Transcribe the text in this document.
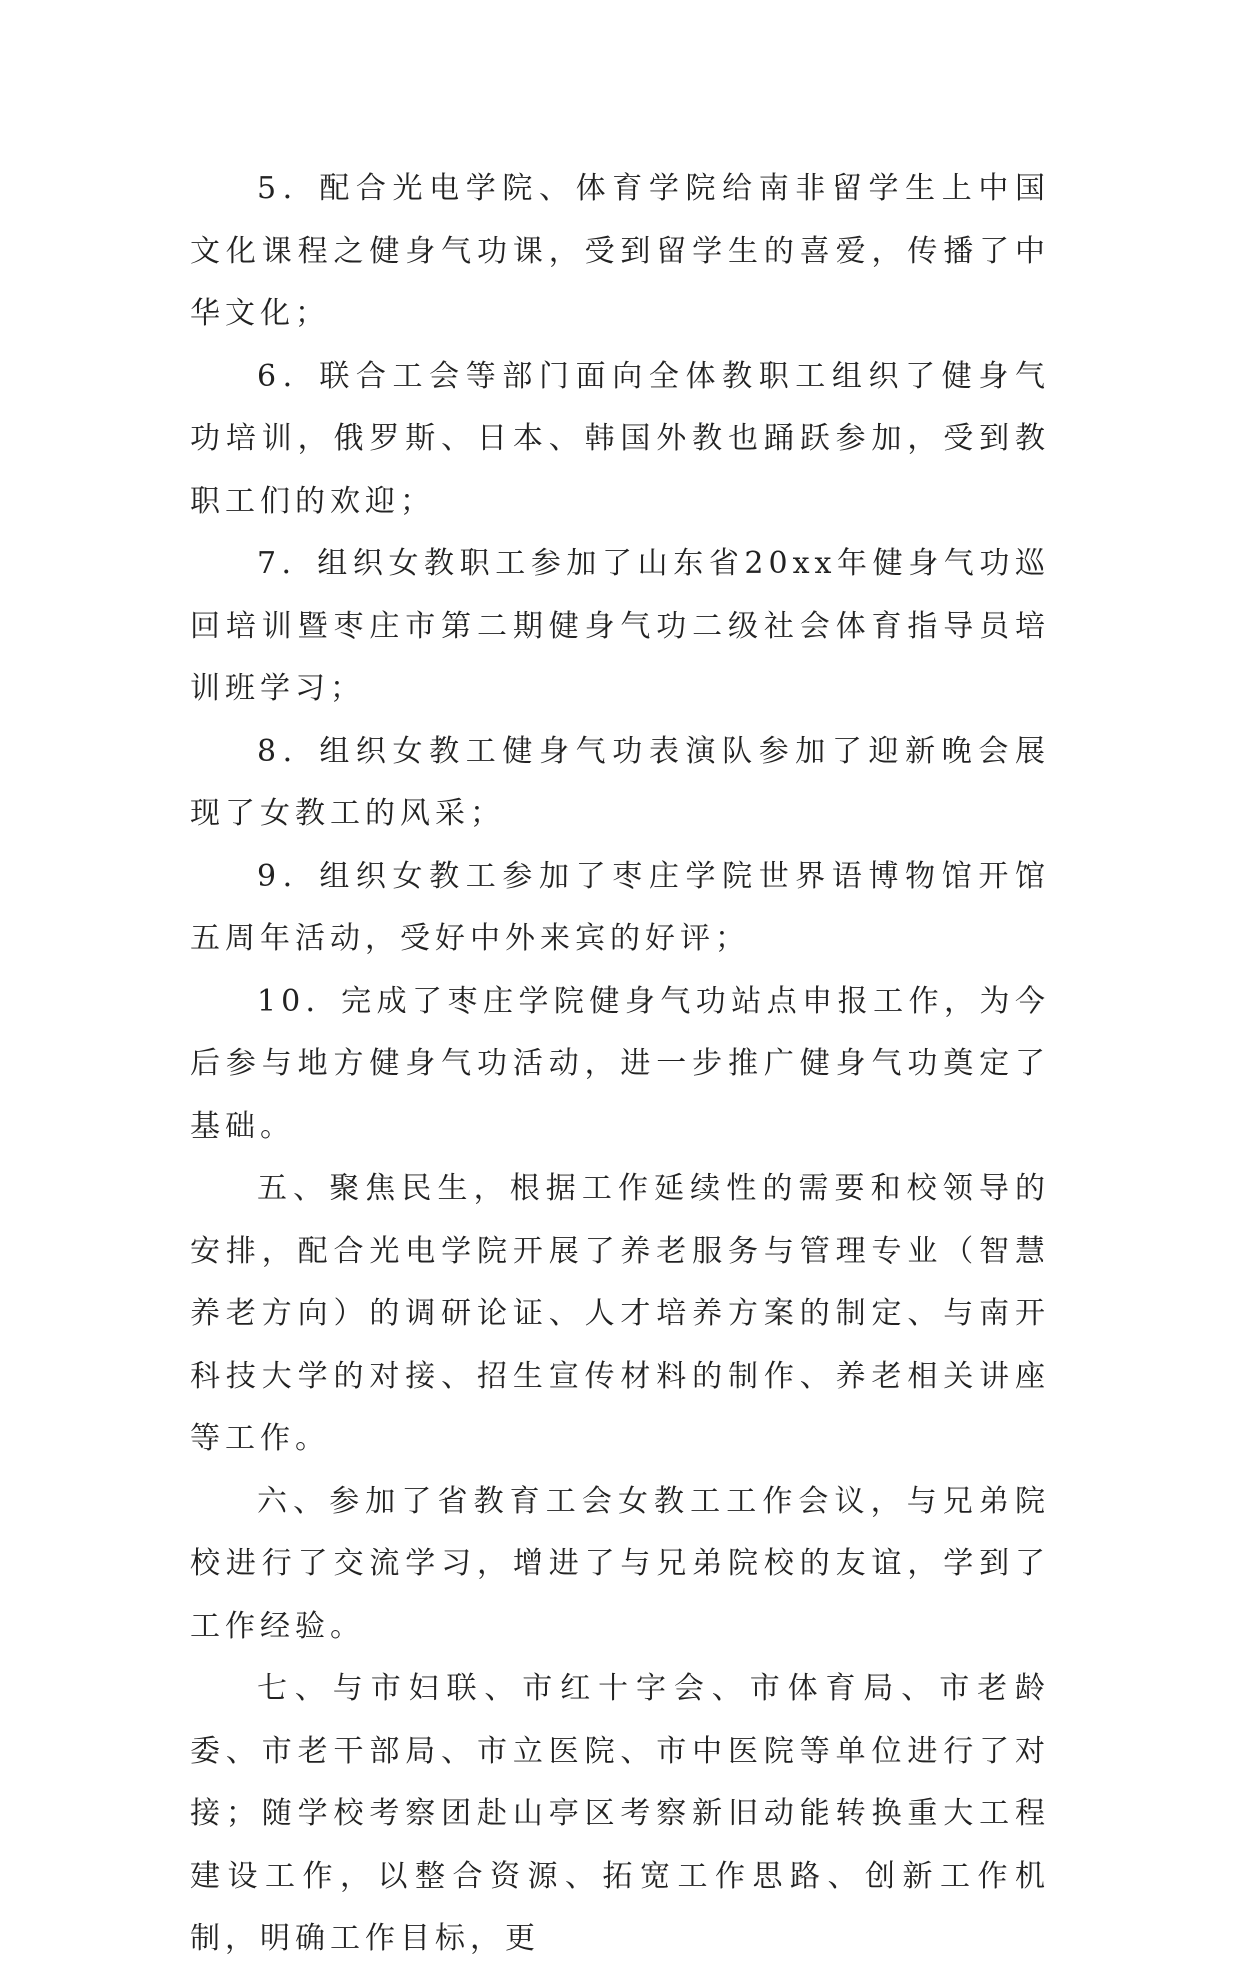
5．配合光电学院、体育学院给南非留学生上中国文化课程之健身气功课，受到留学生的喜爱，传播了中华文化；

6．联合工会等部门面向全体教职工组织了健身气功培训，俄罗斯、日本、韩国外教也踊跃参加，受到教职工们的欢迎；

7．组织女教职工参加了山东省20xx年健身气功巡回培训暨枣庄市第二期健身气功二级社会体育指导员培训班学习；

8．组织女教工健身气功表演队参加了迎新晚会展现了女教工的风采；

9．组织女教工参加了枣庄学院世界语博物馆开馆五周年活动，受好中外来宾的好评；

10．完成了枣庄学院健身气功站点申报工作，为今后参与地方健身气功活动，进一步推广健身气功奠定了基础。

五、聚焦民生，根据工作延续性的需要和校领导的安排，配合光电学院开展了养老服务与管理专业（智慧养老方向）的调研论证、人才培养方案的制定、与南开科技大学的对接、招生宣传材料的制作、养老相关讲座等工作。

六、参加了省教育工会女教工工作会议，与兄弟院校进行了交流学习，增进了与兄弟院校的友谊，学到了工作经验。

七、与市妇联、市红十字会、市体育局、市老龄委、市老干部局、市立医院、市中医院等单位进行了对接；随学校考察团赴山亭区考察新旧动能转换重大工程建设工作，以整合资源、拓宽工作思路、创新工作机制，明确工作目标，更
